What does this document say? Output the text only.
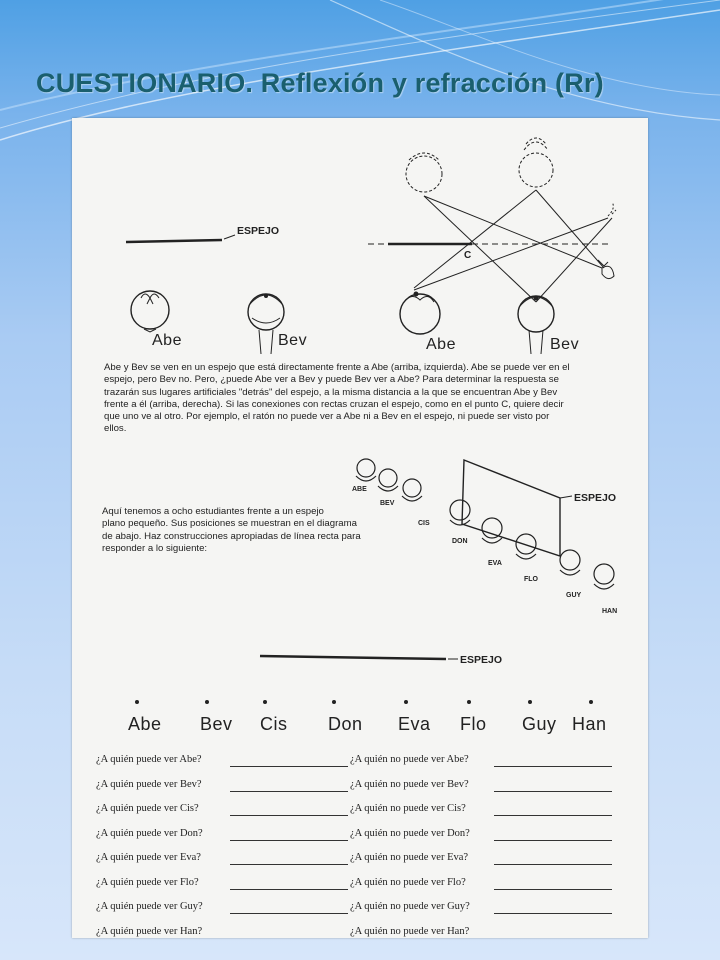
CUESTIONARIO. Reflexión y refracción (Rr)
ESPEJO
Abe	Bev	Abe	Bev
C
Abe y Bev se ven en un espejo que está directamente frente a Abe (arriba, izquierda). Abe se puede ver en el
espejo, pero Bev no. Pero, ¿puede Abe ver a Bev y puede Bev ver a Abe? Para determinar la respuesta se
trazarán sus lugares artificiales "detrás" del espejo, a la misma distancia a la que se encuentran Abe y Bev
frente a él (arriba, derecha). Si las conexiones con rectas cruzan el espejo, como en el punto C, quiere decir
que uno ve al otro. Por ejemplo, el ratón no puede ver a Abe ni a Bev en el espejo, ni puede ser visto por
ellos.
Aquí tenemos a ocho estudiantes frente a un espejo
plano pequeño. Sus posiciones se muestran en el diagrama
de abajo. Haz construcciones apropiadas de línea recta para
responder a lo siguiente:
ESPEJO
ABE
BEV
CIS
DON
EVA
FLO
GUY
HAN
ESPEJO
Abe Bev Cis Don Eva Flo Guy Han
¿A quién puede ver Abe?	¿A quién no puede ver Abe?
¿A quién puede ver Bev?	¿A quién no puede ver Bev?
¿A quién puede ver Cis?	¿A quién no puede ver Cis?
¿A quién puede ver Don?	¿A quién no puede ver Don?
¿A quién puede ver Eva?	¿A quién no puede ver Eva?
¿A quién puede ver Flo?	¿A quién no puede ver Flo?
¿A quién puede ver Guy?	¿A quién no puede ver Guy?
¿A quién puede ver Han?	¿A quién no puede ver Han?
